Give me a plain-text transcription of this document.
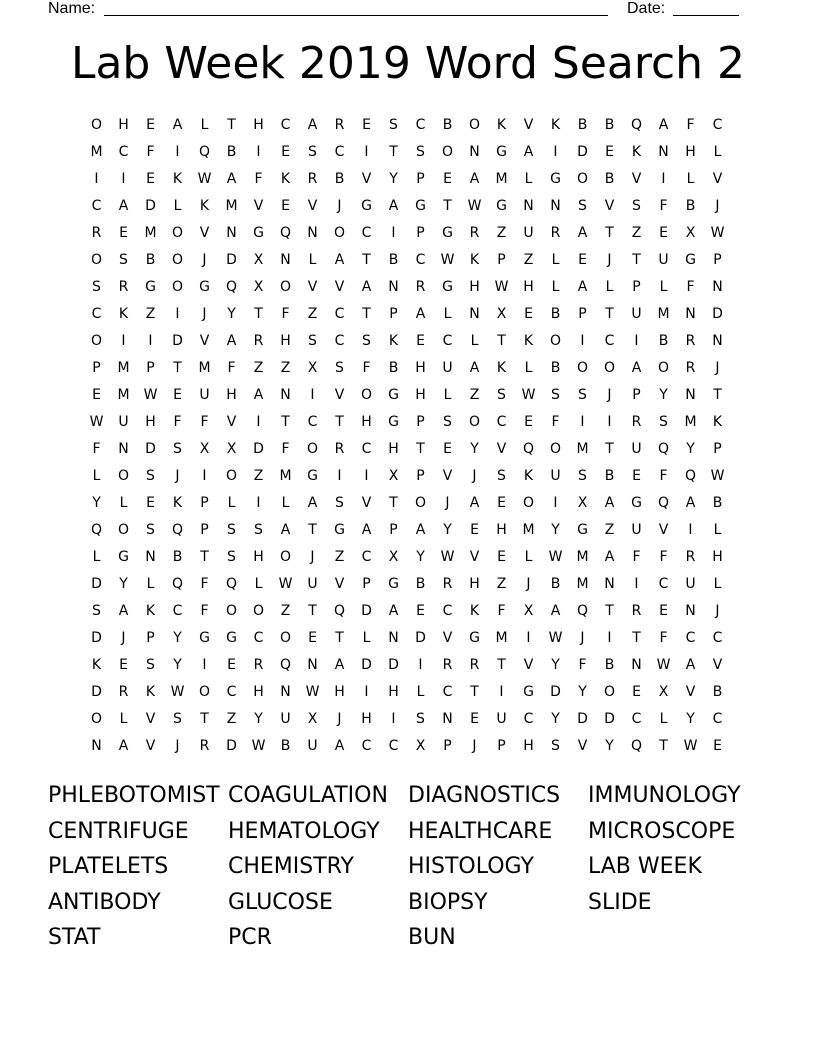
Name:	Date:
Lab Week 2019 Word Search 2
O	H	E	A	L	T	H	C	A	R	E	S	C	B	O	K	V	K	B	B	Q	A	F	C
M	C	F	I	Q	B	I	E	S	C	I	T	S	O	N	G	A	I	D	E	K	N	H	L
I	I	E	K	W	A	F	K	R	B	V	Y	P	E	A	M	L	G	O	B	V	I	L	V
C	A	D	L	K	M	V	E	V	J	G	A	G	T	W	G	N	N	S	V	S	F	B	J
R	E	M	O	V	N	G	Q	N	O	C	I	P	G	R	Z	U	R	A	T	Z	E	X	W
O	S	B	O	J	D	X	N	L	A	T	B	C	W	K	P	Z	L	E	J	T	U	G	P
S	R	G	O	G	Q	X	O	V	V	A	N	R	G	H	W	H	L	A	L	P	L	F	N
C	K	Z	I	J	Y	T	F	Z	C	T	P	A	L	N	X	E	B	P	T	U	M	N	D
O	I	I	D	V	A	R	H	S	C	S	K	E	C	L	T	K	O	I	C	I	B	R	N
P	M	P	T	M	F	Z	Z	X	S	F	B	H	U	A	K	L	B	O	O	A	O	R	J
E	M	W	E	U	H	A	N	I	V	O	G	H	L	Z	S	W	S	S	J	P	Y	N	T
W	U	H	F	F	V	I	T	C	T	H	G	P	S	O	C	E	F	I	I	R	S	M	K
F	N	D	S	X	X	D	F	O	R	C	H	T	E	Y	V	Q	O	M	T	U	Q	Y	P
L	O	S	J	I	O	Z	M	G	I	I	X	P	V	J	S	K	U	S	B	E	F	Q	W
Y	L	E	K	P	L	I	L	A	S	V	T	O	J	A	E	O	I	X	A	G	Q	A	B
Q	O	S	Q	P	S	S	A	T	G	A	P	A	Y	E	H	M	Y	G	Z	U	V	I	L
L	G	N	B	T	S	H	O	J	Z	C	X	Y	W	V	E	L	W	M	A	F	F	R	H
D	Y	L	Q	F	Q	L	W	U	V	P	G	B	R	H	Z	J	B	M	N	I	C	U	L
S	A	K	C	F	O	O	Z	T	Q	D	A	E	C	K	F	X	A	Q	T	R	E	N	J
D	J	P	Y	G	G	C	O	E	T	L	N	D	V	G	M	I	W	J	I	T	F	C	C
K	E	S	Y	I	E	R	Q	N	A	D	D	I	R	R	T	V	Y	F	B	N	W	A	V
D	R	K	W	O	C	H	N	W	H	I	H	L	C	T	I	G	D	Y	O	E	X	V	B
O	L	V	S	T	Z	Y	U	X	J	H	I	S	N	E	U	C	Y	D	D	C	L	Y	C
N	A	V	J	R	D	W	B	U	A	C	C	X	P	J	P	H	S	V	Y	Q	T	W	E
PHLEBOTOMIST COAGULATION DIAGNOSTICS	IMMUNOLOGY
CENTRIFUGE	HEMATOLOGY	HEALTHCARE	MICROSCOPE
PLATELETS	CHEMISTRY	HISTOLOGY	LAB WEEK
ANTIBODY	GLUCOSE	BIOPSY	SLIDE
STAT	PCR	BUN
